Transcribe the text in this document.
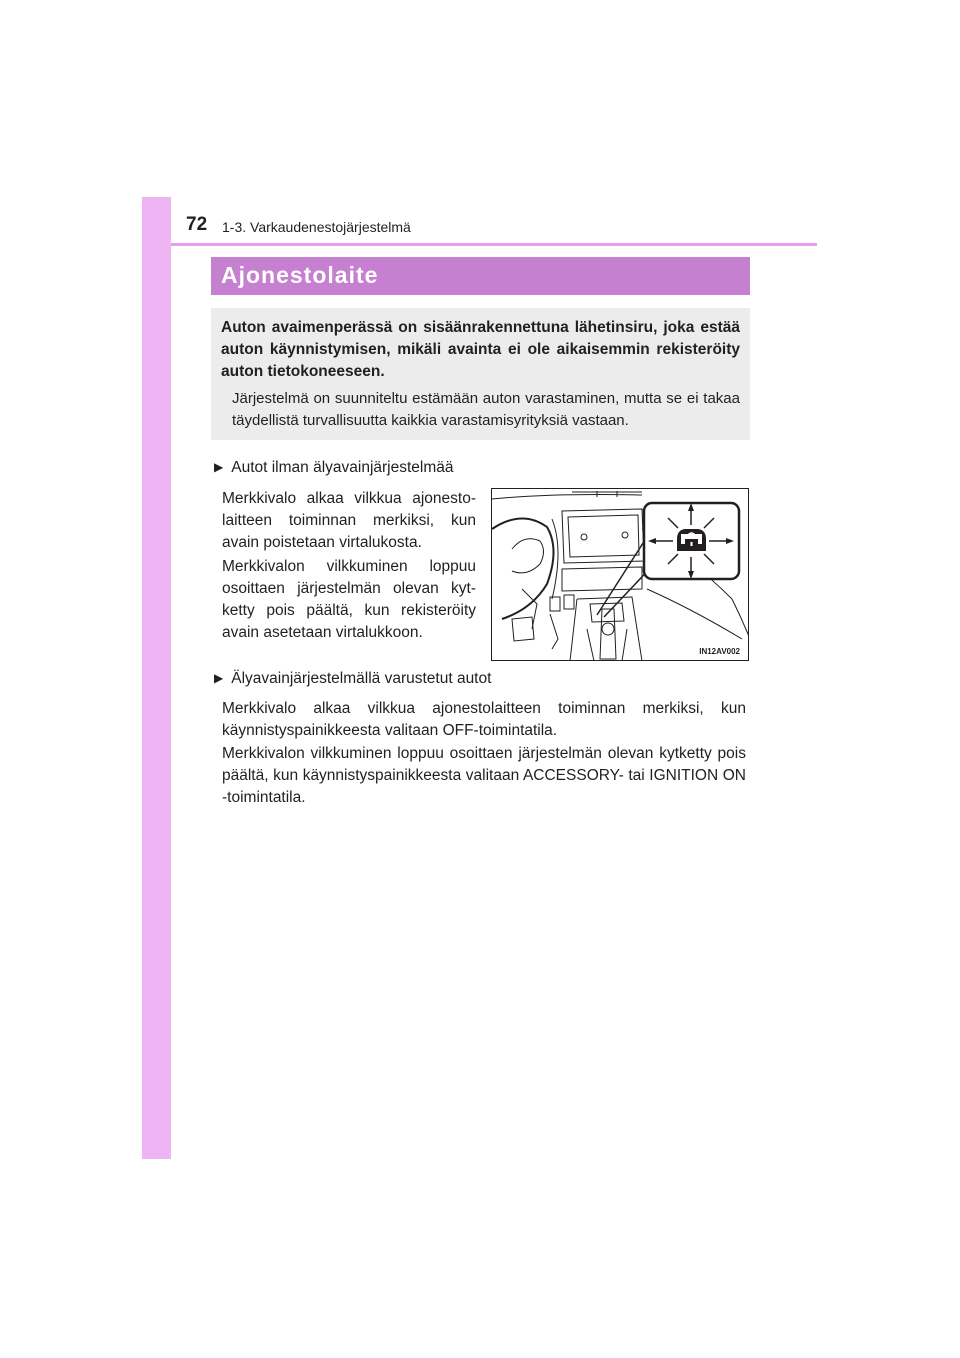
72 1-3. Varkaudenestojärjestelmä
Ajonestolaite
Auton avaimenperässä on sisäänrakennettuna lähetinsiru, joka estää auton käynnistymisen, mikäli avainta ei ole aikaisemmin rekisteröity auton tietokoneeseen.
Järjestelmä on suunniteltu estämään auton varastaminen, mutta se ei takaa täydellistä turvallisuutta kaikkia varastamisyrityksiä vastaan.
▶ Autot ilman älyavainjärjestelmää
Merkkivalo alkaa vilkkua ajonesto-laitteen toiminnan merkiksi, kun avain poistetaan virtalukosta.
Merkkivalon vilkkuminen loppuu osoittaen järjestelmän olevan kyt-ketty pois päältä, kun rekisteröity avain asetetaan virtalukkoon.
IN12AV002
▶ Älyavainjärjestelmällä varustetut autot
Merkkivalo alkaa vilkkua ajonestolaitteen toiminnan merkiksi, kun käynnistyspainikkeesta valitaan OFF-toimintatila.
Merkkivalon vilkkuminen loppuu osoittaen järjestelmän olevan kytketty pois päältä, kun käynnistyspainikkeesta valitaan ACCESSORY- tai IGNITION ON -toimintatila.
